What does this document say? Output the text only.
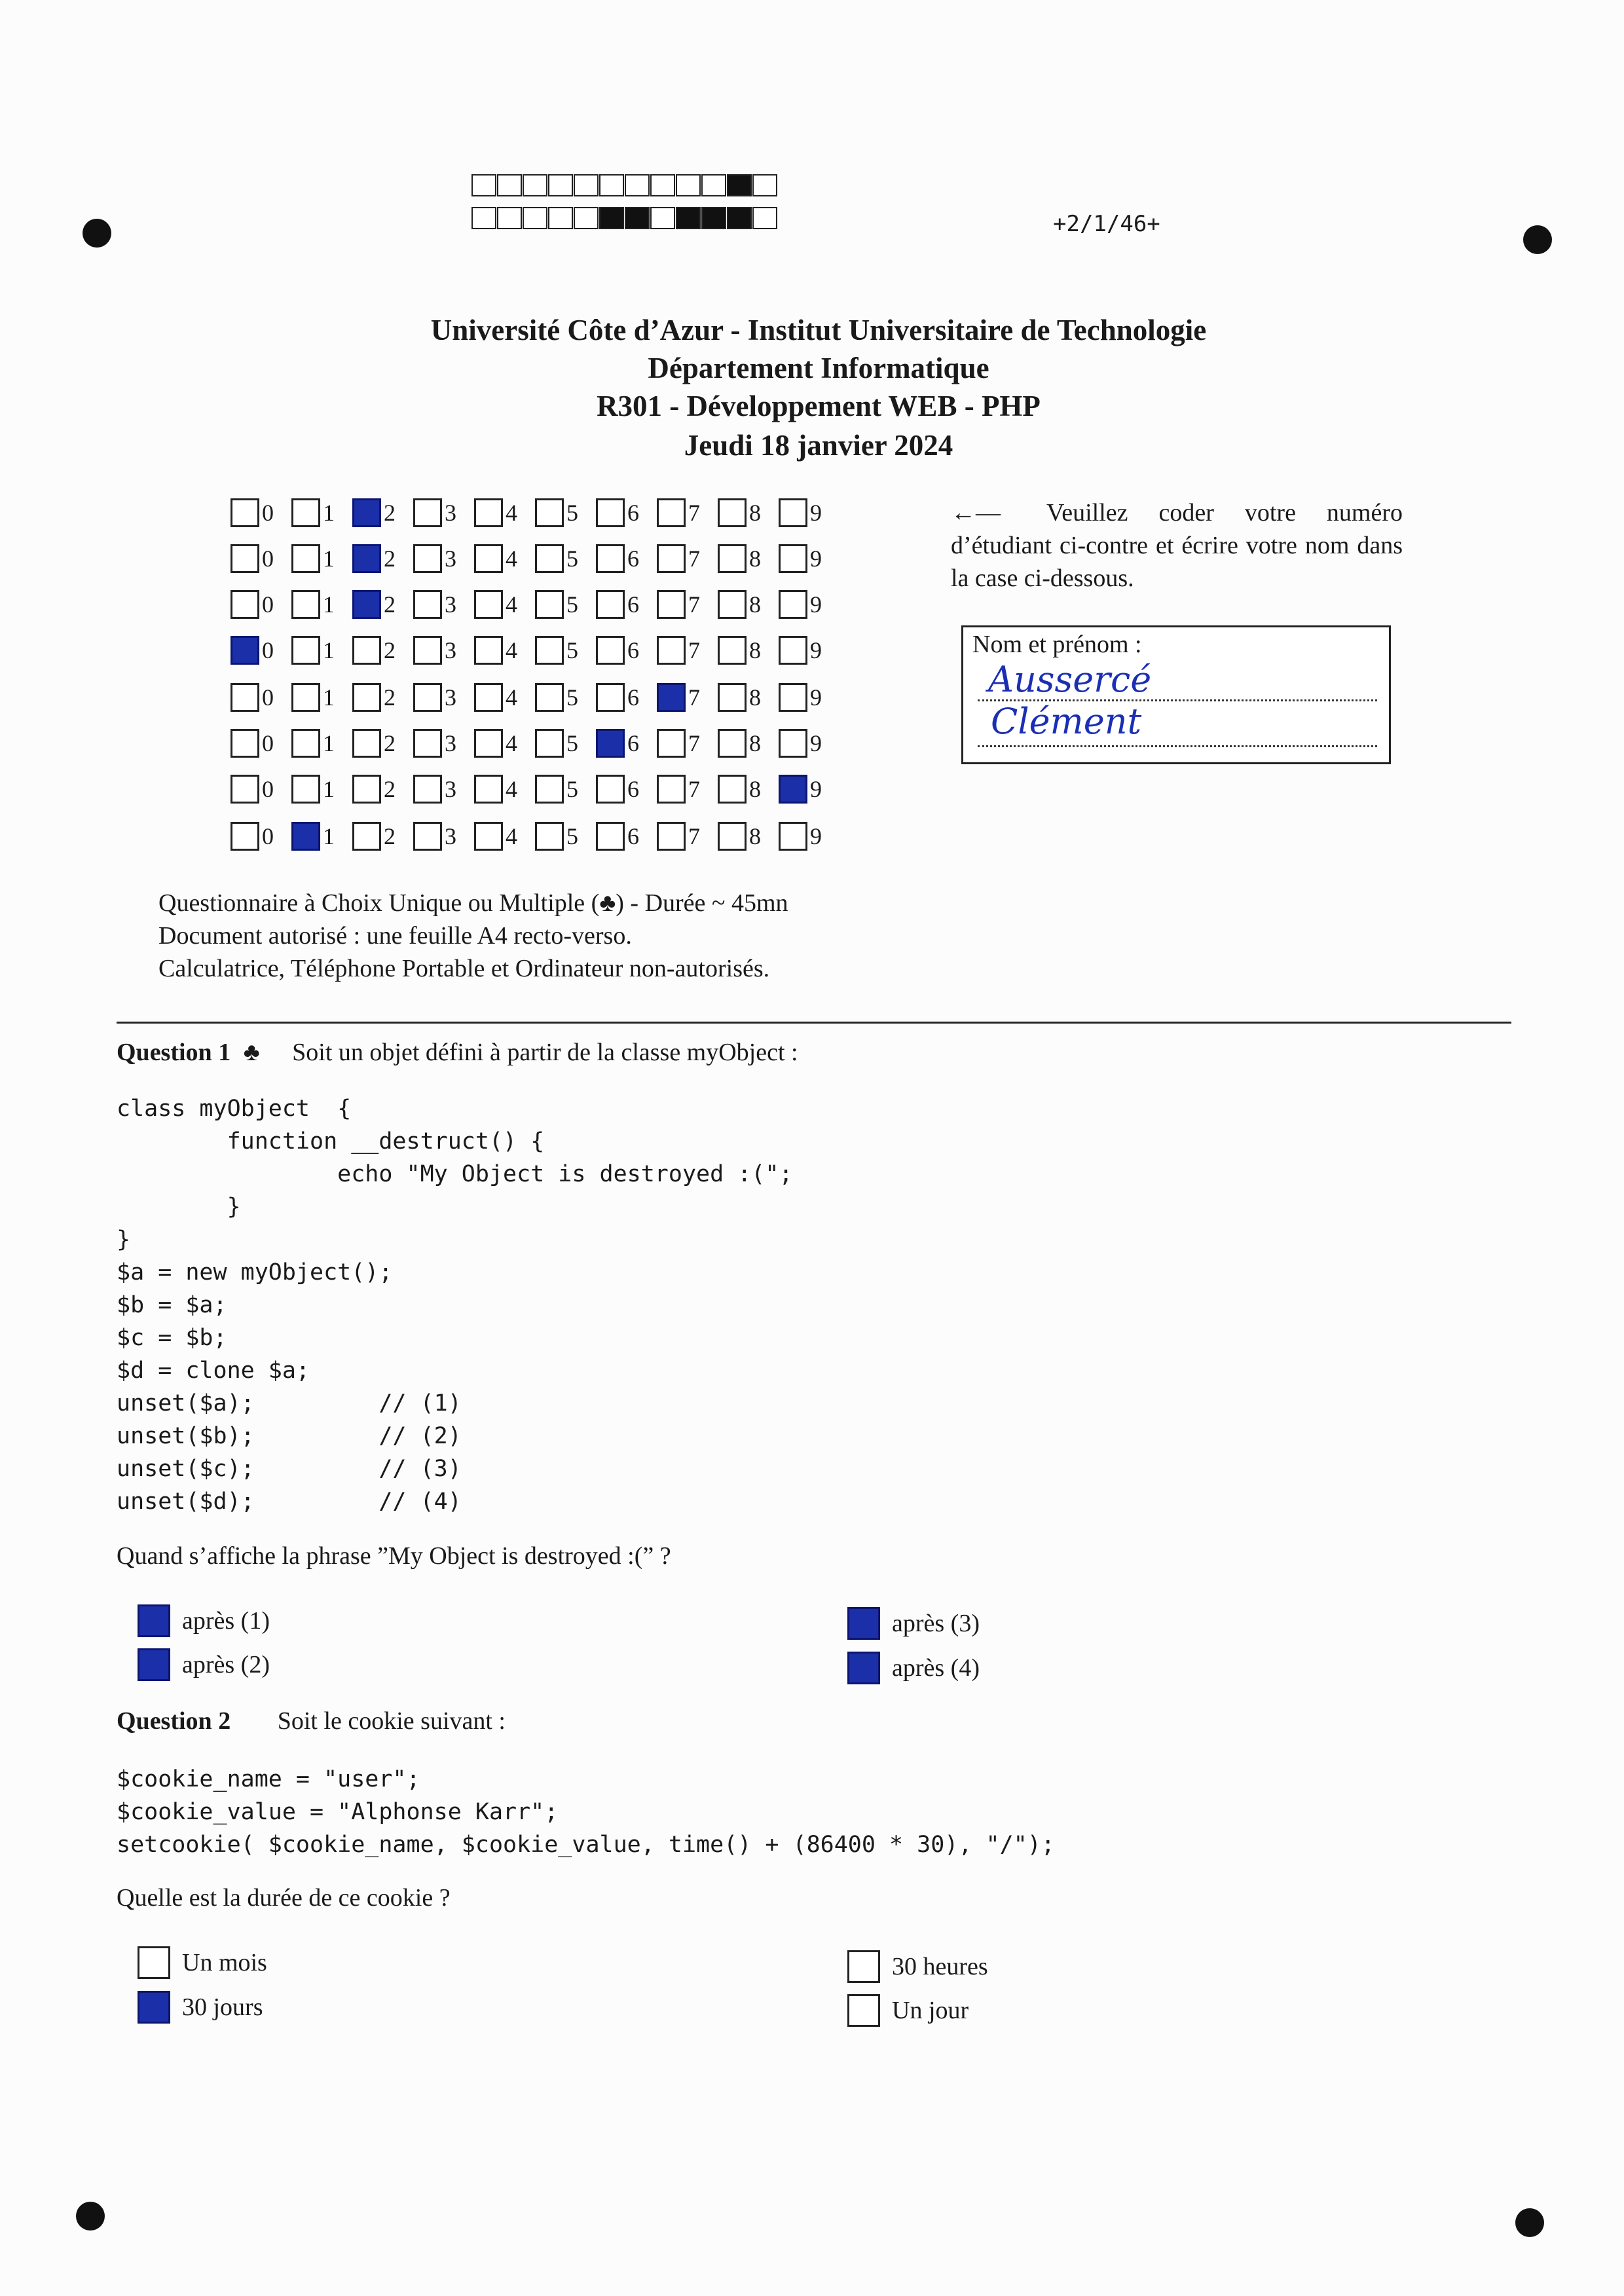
+2/1/46+
Université Côte d’Azur - Institut Universitaire de Technologie
Département Informatique
R301 - Développement WEB - PHP
Jeudi 18 janvier 2024
0 1 2 3 4 5 6 7 8 9
0 1 2 3 4 5 6 7 8 9
0 1 2 3 4 5 6 7 8 9
0 1 2 3 4 5 6 7 8 9
0 1 2 3 4 5 6 7 8 9
0 1 2 3 4 5 6 7 8 9
0 1 2 3 4 5 6 7 8 9
0 1 2 3 4 5 6 7 8 9
←— Veuillez coder votre numéro d’étudiant ci-contre et écrire votre nom dans la case ci-dessous.
Nom et prénom :
Aussercé
Clément
Questionnaire à Choix Unique ou Multiple (♣) - Durée ~ 45mn
Document autorisé : une feuille A4 recto-verso.
Calculatrice, Téléphone Portable et Ordinateur non-autorisés.
Question 1 ♣ Soit un objet défini à partir de la classe myObject :
class myObject  {
function __destruct() {
echo "My Object is destroyed :(";
}
}
$a = new myObject();
$b = $a;
$c = $b;
$d = clone $a;
unset($a);         // (1)
unset($b);         // (2)
unset($c);         // (3)
unset($d);         // (4)
Quand s’affiche la phrase ”My Object is destroyed :(” ?
après (1)
après (2)
après (3)
après (4)
Question 2 Soit le cookie suivant :
$cookie_name = "user";
$cookie_value = "Alphonse Karr";
setcookie( $cookie_name, $cookie_value, time() + (86400 * 30), "/");
Quelle est la durée de ce cookie ?
Un mois
30 jours
30 heures
Un jour
